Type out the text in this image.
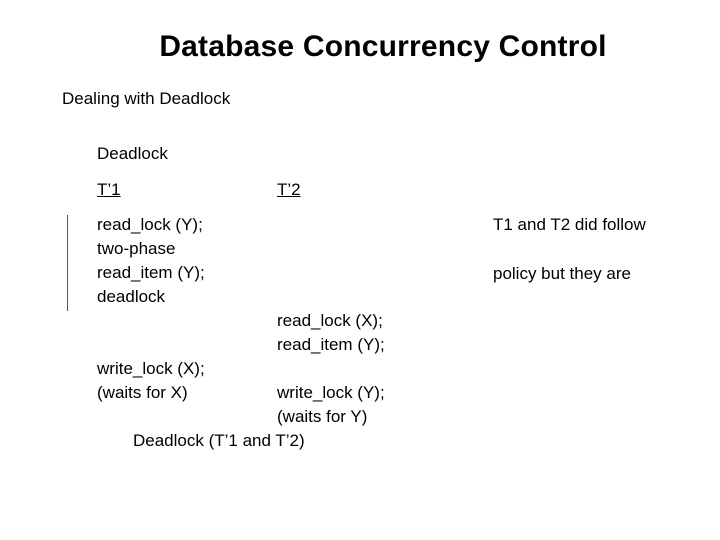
Database Concurrency Control
Dealing with Deadlock
Deadlock
T’1	T’2
read_lock (Y);
two-phase
read_item (Y);
deadlock
write_lock (X);
(waits for X)
read_lock (X);
read_item (Y);
write_lock (Y);
(waits for Y)
Deadlock (T’1 and T’2)
T1 and T2 did follow
policy but they are
